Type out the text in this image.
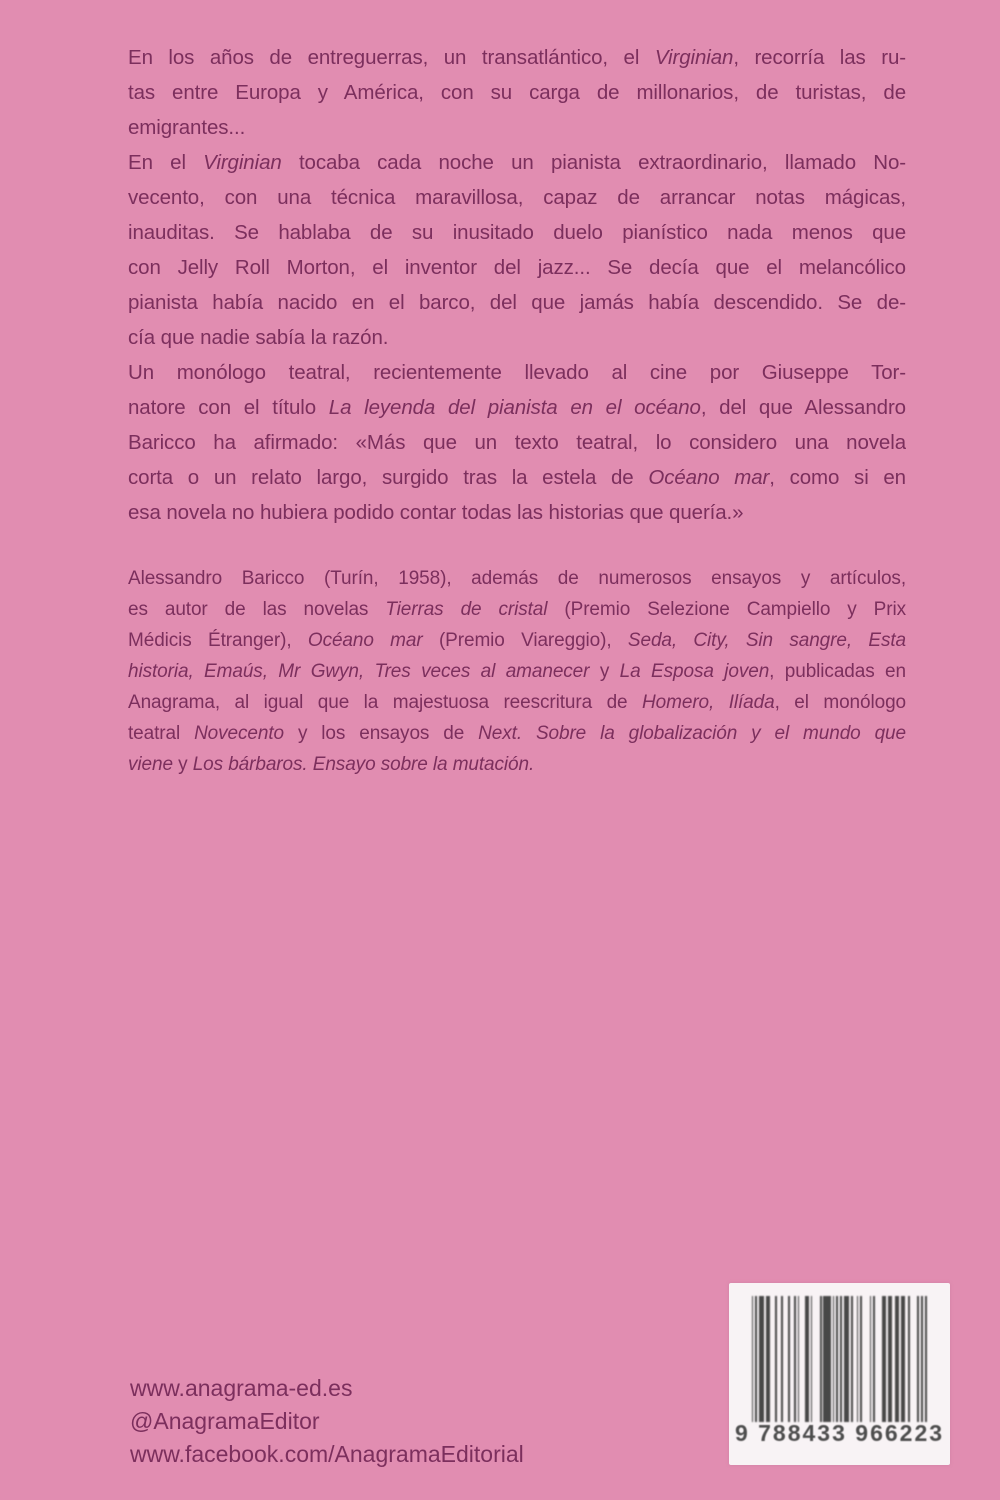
En los años de entreguerras, un transatlántico, el Virginian, recorría las ru-
tas entre Europa y América, con su carga de millonarios, de turistas, de
emigrantes...
En el Virginian tocaba cada noche un pianista extraordinario, llamado No-
vecento, con una técnica maravillosa, capaz de arrancar notas mágicas,
inauditas. Se hablaba de su inusitado duelo pianístico nada menos que
con Jelly Roll Morton, el inventor del jazz... Se decía que el melancólico
pianista había nacido en el barco, del que jamás había descendido. Se de-
cía que nadie sabía la razón.
Un monólogo teatral, recientemente llevado al cine por Giuseppe Tor-
natore con el título La leyenda del pianista en el océano, del que Alessandro
Baricco ha afirmado: «Más que un texto teatral, lo considero una novela
corta o un relato largo, surgido tras la estela de Océano mar, como si en
esa novela no hubiera podido contar todas las historias que quería.»
Alessandro Baricco (Turín, 1958), además de numerosos ensayos y artículos,
es autor de las novelas Tierras de cristal (Premio Selezione Campiello y Prix
Médicis Étranger), Océano mar (Premio Viareggio), Seda, City, Sin sangre, Esta
historia, Emaús, Mr Gwyn, Tres veces al amanecer y La Esposa joven, publicadas en
Anagrama, al igual que la majestuosa reescritura de Homero, Ilíada, el monólogo
teatral Novecento y los ensayos de Next. Sobre la globalización y el mundo que
viene y Los bárbaros. Ensayo sobre la mutación.
www.anagrama-ed.es
@AnagramaEditor
www.facebook.com/AnagramaEditorial
9 788433 966223
